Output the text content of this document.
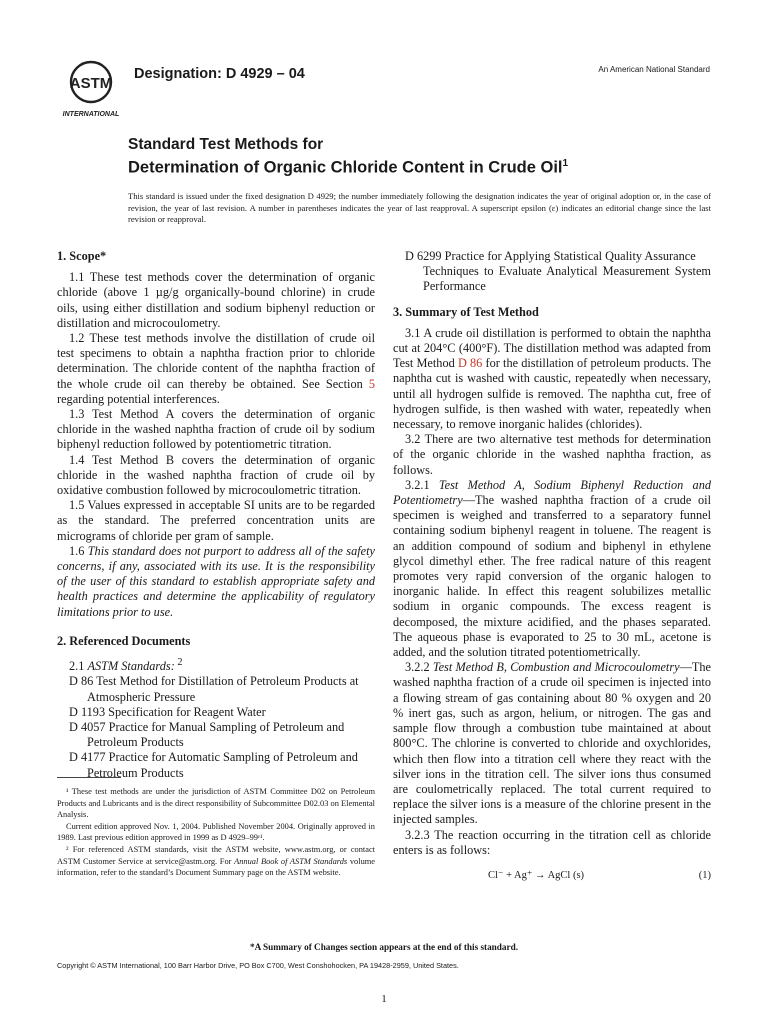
ASTM
INTERNATIONAL
Designation: D 4929 – 04	An American National Standard
Standard Test Methods for
Determination of Organic Chloride Content in Crude Oil$^1$
This standard is issued under the fixed designation D 4929; the number immediately following the designation indicates the year of original adoption or, in the case of revision, the year of last revision. A number in parentheses indicates the year of last reapproval. A superscript epsilon (ε) indicates an editorial change since the last revision or reapproval.

1. Scope*

1.1 These test methods cover the determination of organic chloride (above 1 µg/g organically-bound chlorine) in crude oils, using either distillation and sodium biphenyl reduction or distillation and microcoulometry.

1.2 These test methods involve the distillation of crude oil test specimens to obtain a naphtha fraction prior to chloride determination. The chloride content of the naphtha fraction of the whole crude oil can thereby be obtained. See Section 5 regarding potential interferences.

1.3 Test Method A covers the determination of organic chloride in the washed naphtha fraction of crude oil by sodium biphenyl reduction followed by potentiometric titration.

1.4 Test Method B covers the determination of organic chloride in the washed naphtha fraction of crude oil by oxidative combustion followed by microcoulometric titration.

1.5 Values expressed in acceptable SI units are to be regarded as the standard. The preferred concentration units are micrograms of chloride per gram of sample.

1.6 This standard does not purport to address all of the safety concerns, if any, associated with its use. It is the responsibility of the user of this standard to establish appropriate safety and health practices and determine the applicability of regulatory limitations prior to use.

2. Referenced Documents

2.1 ASTM Standards: $^2$

D 86 Test Method for Distillation of Petroleum Products at
Atmospheric Pressure

D 1193 Specification for Reagent Water

D 4057 Practice for Manual Sampling of Petroleum and
Petroleum Products

D 4177 Practice for Automatic Sampling of Petroleum and
Petroleum Products

¹ These test methods are under the jurisdiction of ASTM Committee D02 on Petroleum Products and Lubricants and is the direct responsibility of Subcommittee D02.03 on Elemental Analysis.

Current edition approved Nov. 1, 2004. Published November 2004. Originally approved in 1989. Last previous edition approved in 1999 as D 4929–99ᵋ¹.

² For referenced ASTM standards, visit the ASTM website, www.astm.org, or contact ASTM Customer Service at service@astm.org. For Annual Book of ASTM Standards volume information, refer to the standard’s Document Summary page on the ASTM website.

D 6299 Practice for Applying Statistical Quality Assurance
Techniques to Evaluate Analytical Measurement System Performance

3. Summary of Test Method

3.1 A crude oil distillation is performed to obtain the naphtha cut at 204°C (400°F). The distillation method was adapted from Test Method D 86 for the distillation of petroleum products. The naphtha cut is washed with caustic, repeatedly when necessary, until all hydrogen sulfide is removed. The naphtha cut, free of hydrogen sulfide, is then washed with water, repeatedly when necessary, to remove inorganic halides (chlorides).

3.2 There are two alternative test methods for determination of the organic chloride in the washed naphtha fraction, as follows.

3.2.1 Test Method A, Sodium Biphenyl Reduction and Potentiometry—The washed naphtha fraction of a crude oil specimen is weighed and transferred to a separatory funnel containing sodium biphenyl reagent in toluene. The reagent is an addition compound of sodium and biphenyl in ethylene glycol dimethyl ether. The free radical nature of this reagent promotes very rapid conversion of the organic halogen to inorganic halide. In effect this reagent solubilizes metallic sodium in organic compounds. The excess reagent is decomposed, the mixture acidified, and the phases separated. The aqueous phase is evaporated to 25 to 30 mL, acetone is added, and the solution titrated potentiometrically.

3.2.2 Test Method B, Combustion and Microcoulometry—The washed naphtha fraction of a crude oil specimen is injected into a flowing stream of gas containing about 80 % oxygen and 20 % inert gas, such as argon, helium, or nitrogen. The gas and sample flow through a combustion tube maintained at about 800°C. The chlorine is converted to chloride and oxychlorides, which then flow into a titration cell where they react with the silver ions in the titration cell. The silver ions thus consumed are coulometrically replaced. The total current required to replace the silver ions is a measure of the chlorine present in the injected samples.

3.2.3 The reaction occurring in the titration cell as chloride enters is as follows:

Cl⁻ + Ag⁺ → AgCl (s)	(1)

*A Summary of Changes section appears at the end of this standard.
Copyright © ASTM International, 100 Barr Harbor Drive, PO Box C700, West Conshohocken, PA 19428-2959, United States.
1
